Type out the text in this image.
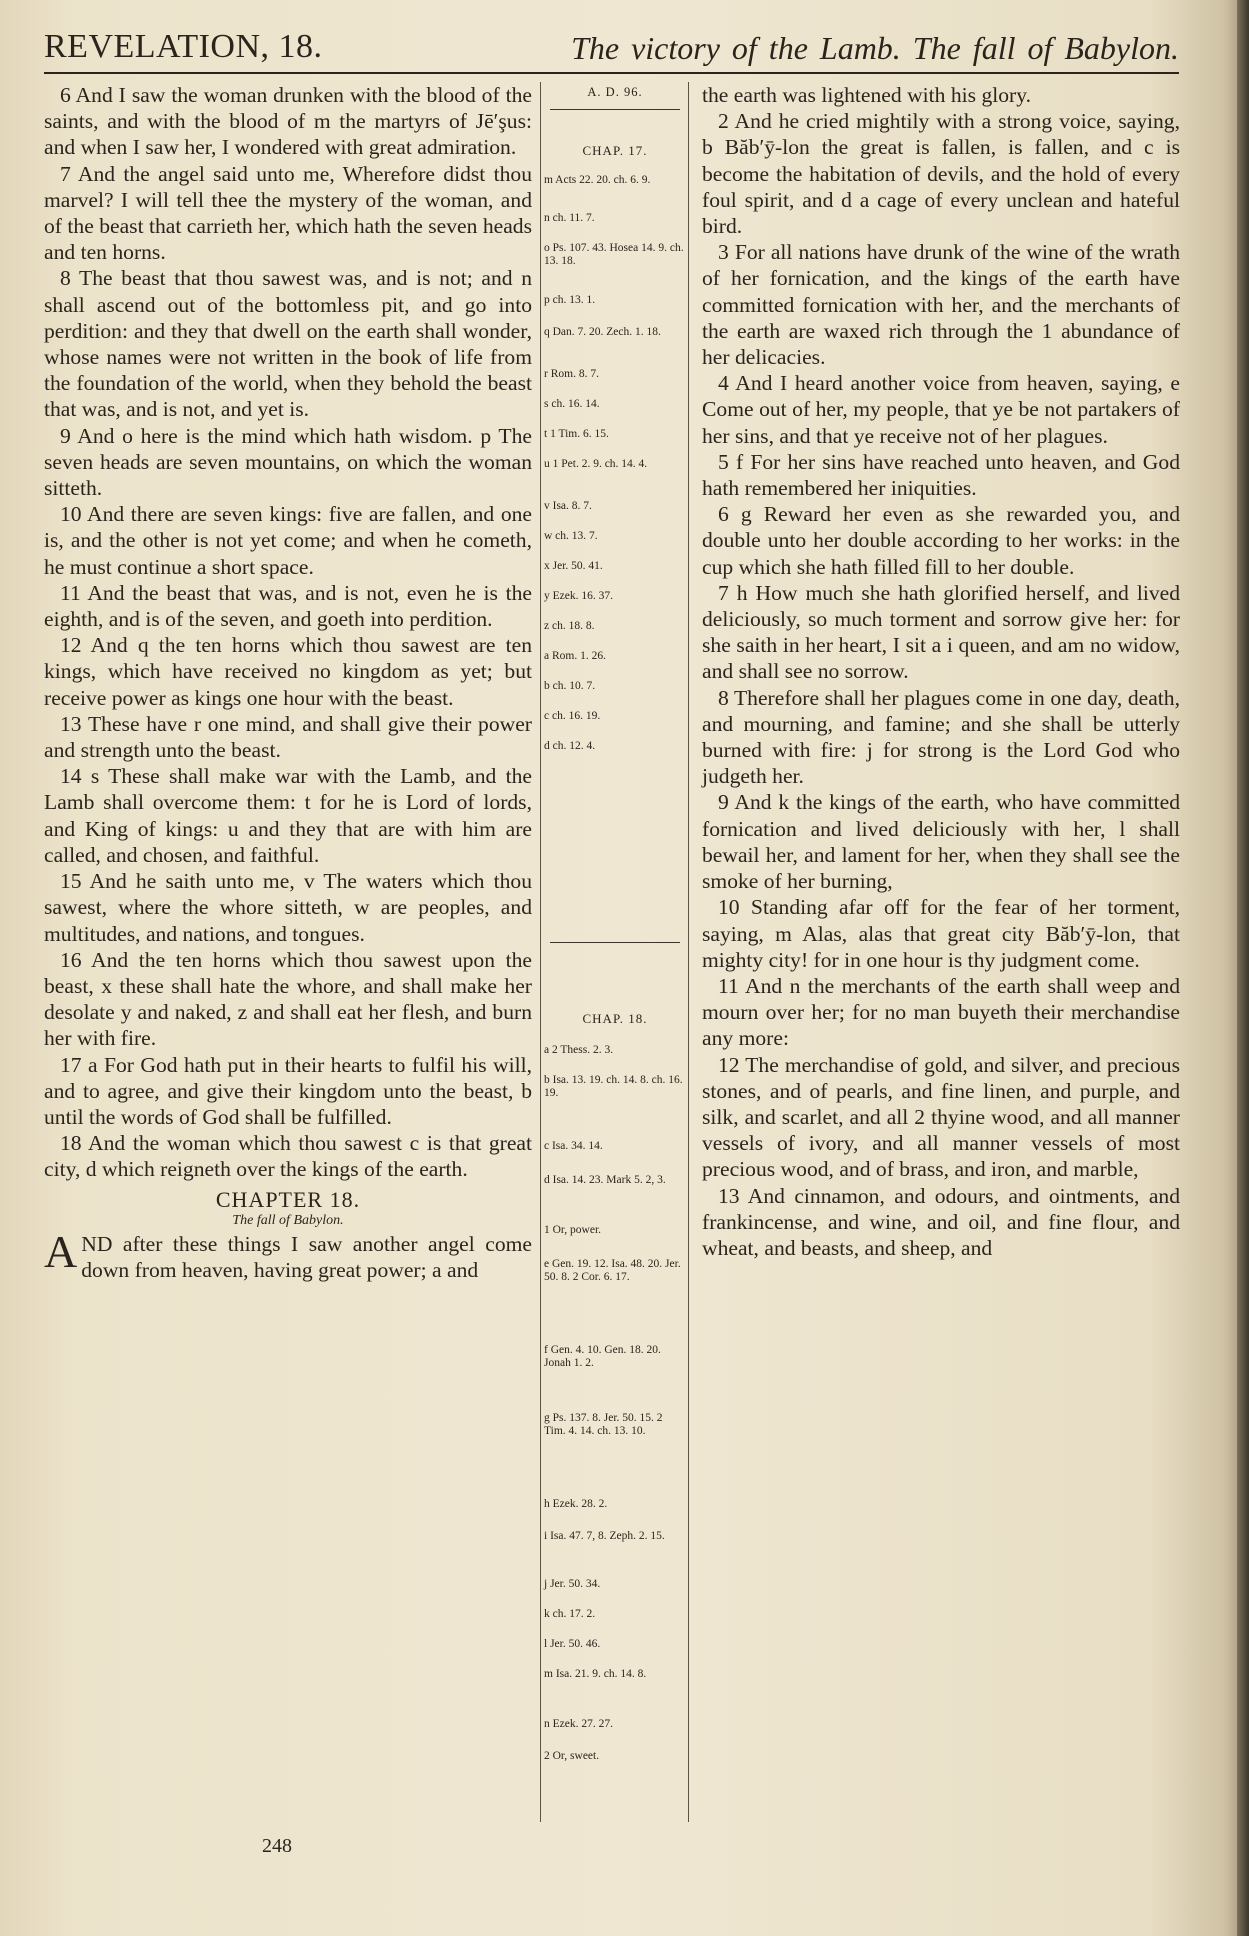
REVELATION, 18.	The victory of the Lamb. The fall of Babylon.

6 And I saw the woman drunken with the blood of the saints, and with the blood of m the martyrs of Jē′şus: and when I saw her, I wondered with great admiration.

7 And the angel said unto me, Wherefore didst thou marvel? I will tell thee the mystery of the woman, and of the beast that carrieth her, which hath the seven heads and ten horns.

8 The beast that thou sawest was, and is not; and n shall ascend out of the bottomless pit, and go into perdition: and they that dwell on the earth shall wonder, whose names were not written in the book of life from the foundation of the world, when they behold the beast that was, and is not, and yet is.

9 And o here is the mind which hath wisdom. p The seven heads are seven mountains, on which the woman sitteth.

10 And there are seven kings: five are fallen, and one is, and the other is not yet come; and when he cometh, he must continue a short space.

11 And the beast that was, and is not, even he is the eighth, and is of the seven, and goeth into perdition.

12 And q the ten horns which thou sawest are ten kings, which have received no kingdom as yet; but receive power as kings one hour with the beast.

13 These have r one mind, and shall give their power and strength unto the beast.

14 s These shall make war with the Lamb, and the Lamb shall overcome them: t for he is Lord of lords, and King of kings: u and they that are with him are called, and chosen, and faithful.

15 And he saith unto me, v The waters which thou sawest, where the whore sitteth, w are peoples, and multitudes, and nations, and tongues.

16 And the ten horns which thou sawest upon the beast, x these shall hate the whore, and shall make her desolate y and naked, z and shall eat her flesh, and burn her with fire.

17 a For God hath put in their hearts to fulfil his will, and to agree, and give their kingdom unto the beast, b until the words of God shall be fulfilled.

18 And the woman which thou sawest c is that great city, d which reigneth over the kings of the earth.

CHAPTER 18.
The fall of Babylon.

AND after these things I saw another angel come down from heaven, having great power; a and

A. D. 96.
CHAP. 17.
m Acts 22. 20. ch. 6. 9.
n ch. 11. 7.
o Ps. 107. 43. Hosea 14. 9. ch. 13. 18.
p ch. 13. 1.
q Dan. 7. 20. Zech. 1. 18.
r Rom. 8. 7.
s ch. 16. 14.
t 1 Tim. 6. 15.
u 1 Pet. 2. 9. ch. 14. 4.
v Isa. 8. 7.
w ch. 13. 7.
x Jer. 50. 41.
y Ezek. 16. 37.
z ch. 18. 8.
a Rom. 1. 26.
b ch. 10. 7.
c ch. 16. 19.
d ch. 12. 4.
CHAP. 18.
a 2 Thess. 2. 3.
b Isa. 13. 19. ch. 14. 8. ch. 16. 19.
c Isa. 34. 14.
d Isa. 14. 23. Mark 5. 2, 3.
1 Or, power.
e Gen. 19. 12. Isa. 48. 20. Jer. 50. 8. 2 Cor. 6. 17.
f Gen. 4. 10. Gen. 18. 20. Jonah 1. 2.
g Ps. 137. 8. Jer. 50. 15. 2 Tim. 4. 14. ch. 13. 10.
h Ezek. 28. 2.
i Isa. 47. 7, 8. Zeph. 2. 15.
j Jer. 50. 34.
k ch. 17. 2.
l Jer. 50. 46.
m Isa. 21. 9. ch. 14. 8.
n Ezek. 27. 27.
2 Or, sweet.

the earth was lightened with his glory.

2 And he cried mightily with a strong voice, saying, b Băb′ȳ-lon the great is fallen, is fallen, and c is become the habitation of devils, and the hold of every foul spirit, and d a cage of every unclean and hateful bird.

3 For all nations have drunk of the wine of the wrath of her fornication, and the kings of the earth have committed fornication with her, and the merchants of the earth are waxed rich through the 1 abundance of her delicacies.

4 And I heard another voice from heaven, saying, e Come out of her, my people, that ye be not partakers of her sins, and that ye receive not of her plagues.

5 f For her sins have reached unto heaven, and God hath remembered her iniquities.

6 g Reward her even as she rewarded you, and double unto her double according to her works: in the cup which she hath filled fill to her double.

7 h How much she hath glorified herself, and lived deliciously, so much torment and sorrow give her: for she saith in her heart, I sit a i queen, and am no widow, and shall see no sorrow.

8 Therefore shall her plagues come in one day, death, and mourning, and famine; and she shall be utterly burned with fire: j for strong is the Lord God who judgeth her.

9 And k the kings of the earth, who have committed fornication and lived deliciously with her, l shall bewail her, and lament for her, when they shall see the smoke of her burning,

10 Standing afar off for the fear of her torment, saying, m Alas, alas that great city Băb′ȳ-lon, that mighty city! for in one hour is thy judgment come.

11 And n the merchants of the earth shall weep and mourn over her; for no man buyeth their merchandise any more:

12 The merchandise of gold, and silver, and precious stones, and of pearls, and fine linen, and purple, and silk, and scarlet, and all 2 thyine wood, and all manner vessels of ivory, and all manner vessels of most precious wood, and of brass, and iron, and marble,

13 And cinnamon, and odours, and ointments, and frankincense, and wine, and oil, and fine flour, and wheat, and beasts, and sheep, and

248
